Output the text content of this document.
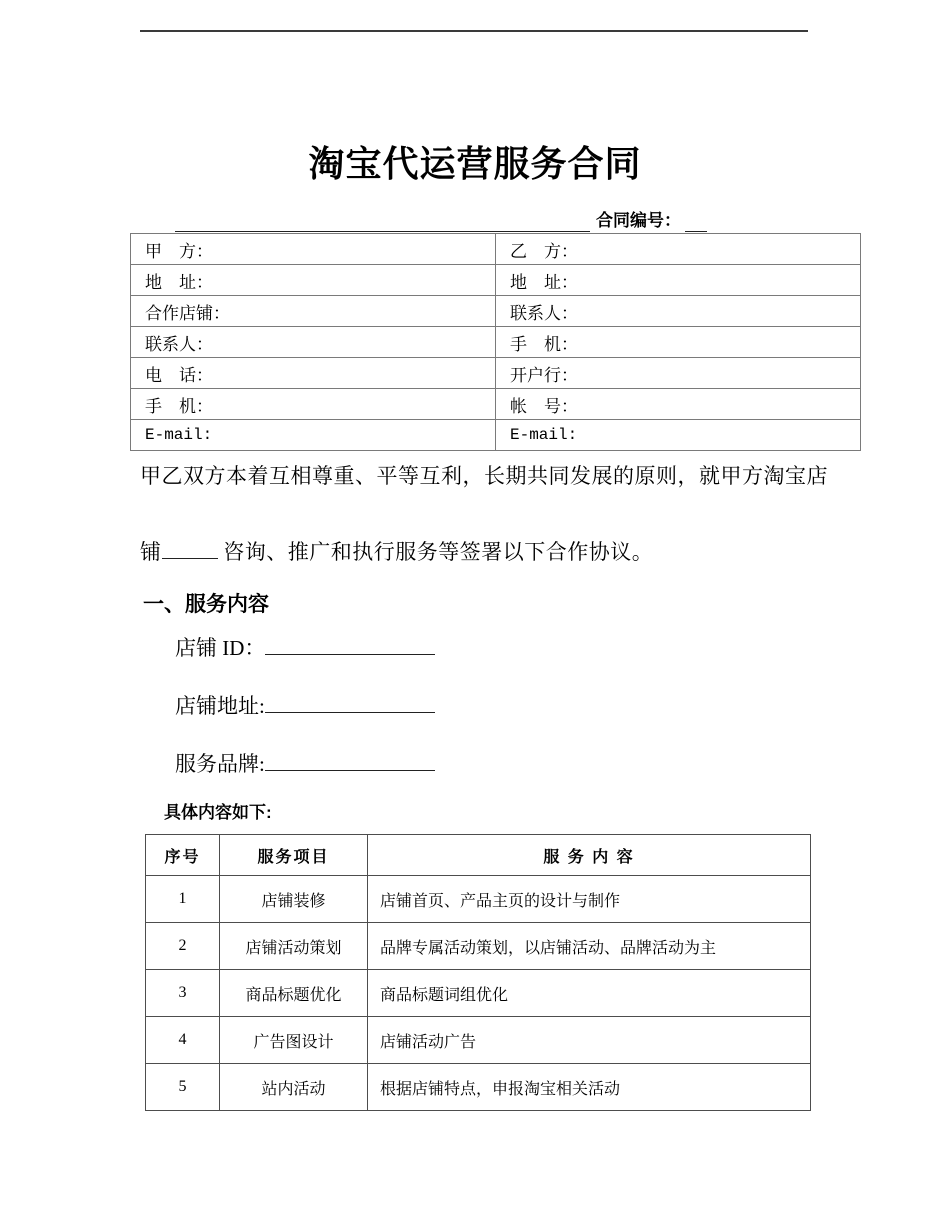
淘宝代运营服务合同
合同编号：
甲　方：	乙　方：
地　址：	地　址：
合作店铺：	联系人：
联系人：	手　机：
电　话：	开户行：
手　机：	帐　号：
E-mail:	E-mail:

甲乙双方本着互相尊重、平等互利，长期共同发展的原则，就甲方淘宝店

铺	咨询、推广和执行服务等签署以下合作协议。

一、服务内容
店铺 ID：
店铺地址:
服务品牌:
具体内容如下:
序号	服务项目	服 务 内 容
1	店铺装修	店铺首页、产品主页的设计与制作
2	店铺活动策划	品牌专属活动策划，以店铺活动、品牌活动为主
3	商品标题优化	商品标题词组优化
4	广告图设计	店铺活动广告
5	站内活动	根据店铺特点，申报淘宝相关活动
